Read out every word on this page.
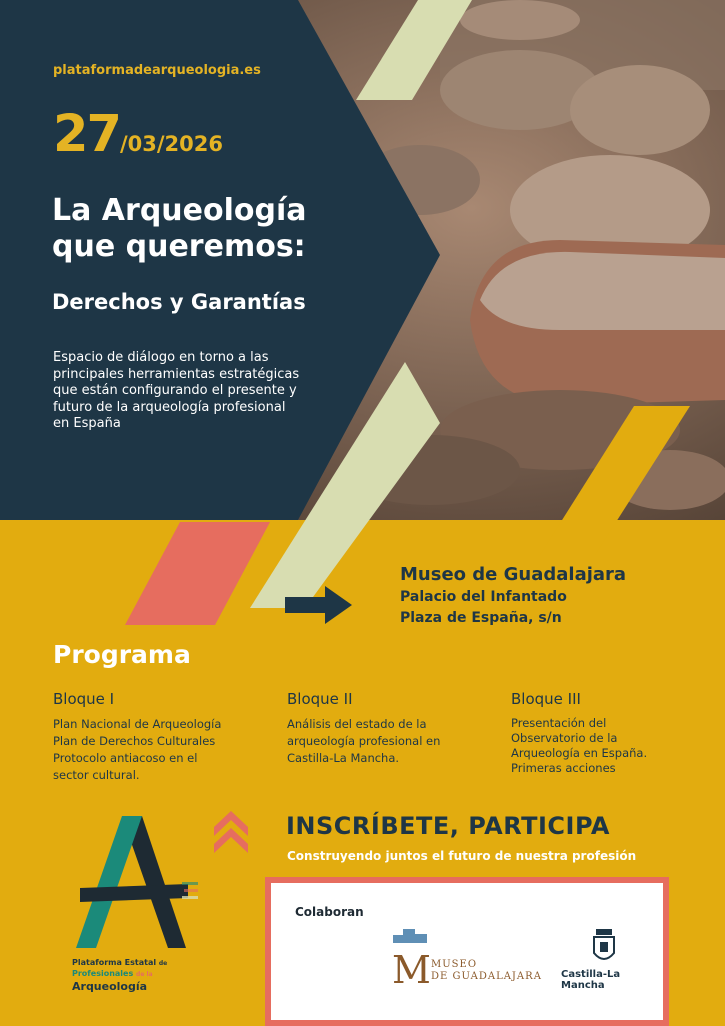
plataformadearqueologia.es

27/03/2026

La Arqueología
que queremos:

Derechos y Garantías

Espacio de diálogo en torno a las principales herramientas estratégicas que están configurando el presente y futuro de la arqueología profesional en España

Museo de Guadalajara
Palacio del Infantado
Plaza de España, s/n

Programa

Bloque I

Plan Nacional de Arqueología
Plan de Derechos Culturales
Protocolo antiacoso en el
sector cultural.

Bloque II

Análisis del estado de la
arqueología profesional en
Castilla-La Mancha.

Bloque III

Presentación del
Observatorio de la
Arqueología en España.
Primeras acciones

INSCRÍBETE, PARTICIPA

Construyendo juntos el futuro de nuestra profesión

Colaboran

M MUSEO
DE GUADALAJARA Castilla-La Mancha

Plataforma Estatal de
Profesionales de la
Arqueología
